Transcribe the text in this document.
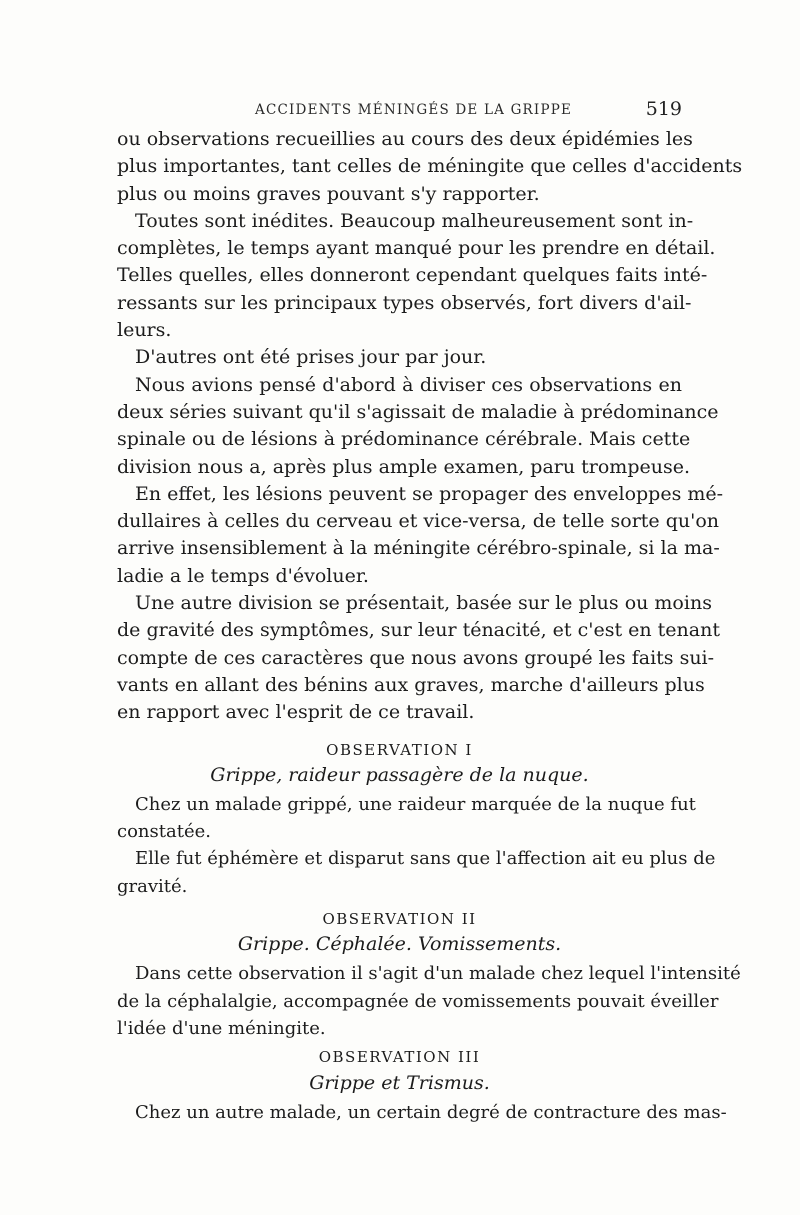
ACCIDENTS MÉNINGÉS DE LA GRIPPE	519
ou observations recueillies au cours des deux épidémies les
plus importantes, tant celles de méningite que celles d'accidents
plus ou moins graves pouvant s'y rapporter.
Toutes sont inédites. Beaucoup malheureusement sont in-
complètes, le temps ayant manqué pour les prendre en détail.
Telles quelles, elles donneront cependant quelques faits inté-
ressants sur les principaux types observés, fort divers d'ail-
leurs.
D'autres ont été prises jour par jour.
Nous avions pensé d'abord à diviser ces observations en
deux séries suivant qu'il s'agissait de maladie à prédominance
spinale ou de lésions à prédominance cérébrale. Mais cette
division nous a, après plus ample examen, paru trompeuse.
En effet, les lésions peuvent se propager des enveloppes mé-
dullaires à celles du cerveau et vice-versa, de telle sorte qu'on
arrive insensiblement à la méningite cérébro-spinale, si la ma-
ladie a le temps d'évoluer.
Une autre division se présentait, basée sur le plus ou moins
de gravité des symptômes, sur leur ténacité, et c'est en tenant
compte de ces caractères que nous avons groupé les faits sui-
vants en allant des bénins aux graves, marche d'ailleurs plus
en rapport avec l'esprit de ce travail.
OBSERVATION I
Grippe, raideur passagère de la nuque.
Chez un malade grippé, une raideur marquée de la nuque fut
constatée.
Elle fut éphémère et disparut sans que l'affection ait eu plus de
gravité.
OBSERVATION II
Grippe. Céphalée. Vomissements.
Dans cette observation il s'agit d'un malade chez lequel l'intensité
de la céphalalgie, accompagnée de vomissements pouvait éveiller
l'idée d'une méningite.
OBSERVATION III
Grippe et Trismus.
Chez un autre malade, un certain degré de contracture des mas-
